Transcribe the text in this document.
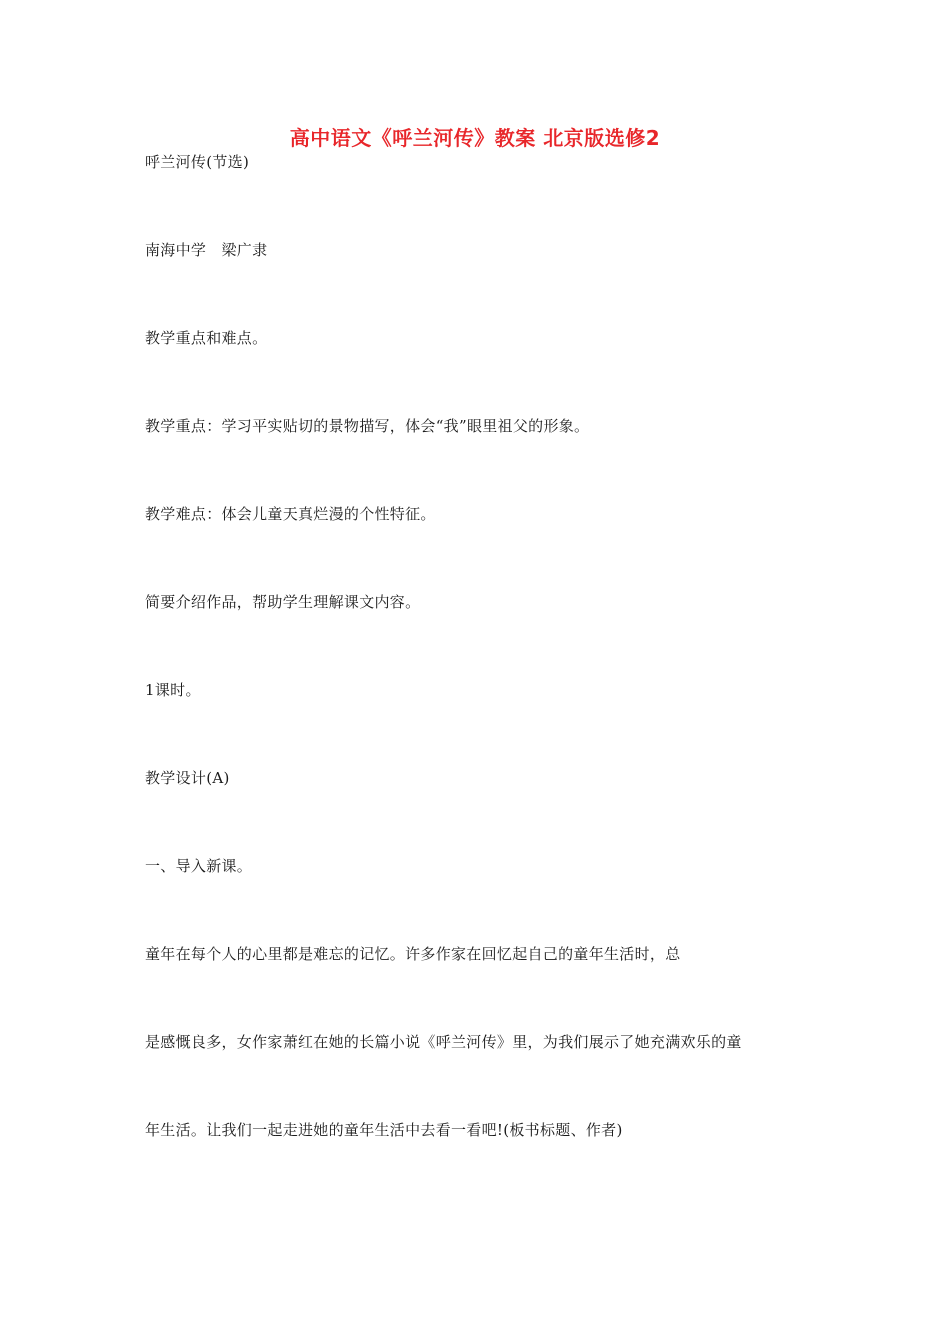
高中语文《呼兰河传》教案 北京版选修2
呼兰河传(节选)
南海中学　梁广隶
教学重点和难点。
教学重点：学习平实贴切的景物描写，体会“我”眼里祖父的形象。
教学难点：体会儿童天真烂漫的个性特征。
简要介绍作品，帮助学生理解课文内容。
1课时。
教学设计(A)
一、导入新课。
童年在每个人的心里都是难忘的记忆。许多作家在回忆起自己的童年生活时，总
是感慨良多，女作家萧红在她的长篇小说《呼兰河传》里，为我们展示了她充满欢乐的童
年生活。让我们一起走进她的童年生活中去看一看吧!(板书标题、作者)
